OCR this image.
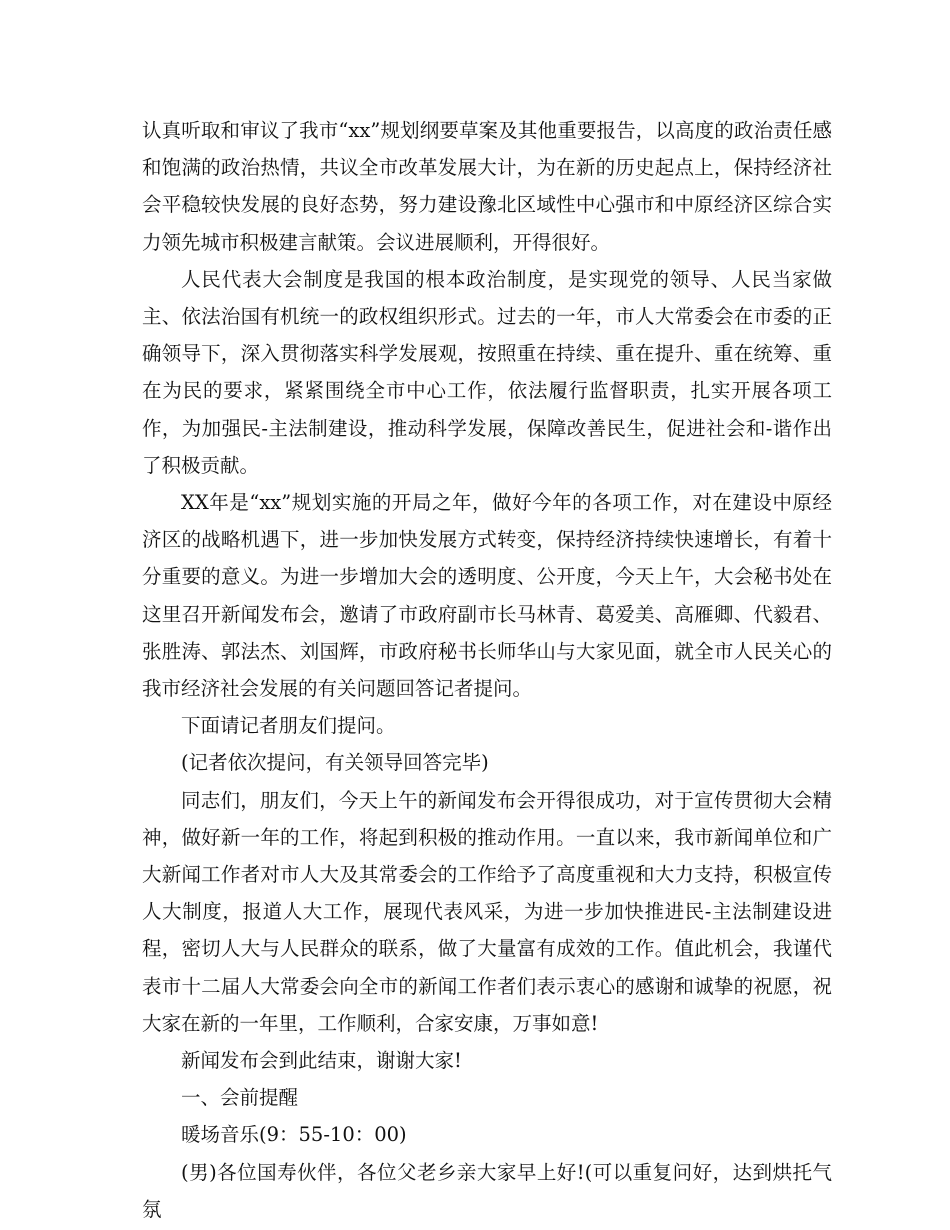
认真听取和审议了我市“xx”规划纲要草案及其他重要报告，以高度的政治责任感和饱满的政治热情，共议全市改革发展大计，为在新的历史起点上，保持经济社会平稳较快发展的良好态势，努力建设豫北区域性中心强市和中原经济区综合实力领先城市积极建言献策。会议进展顺利，开得很好。

人民代表大会制度是我国的根本政治制度，是实现党的领导、人民当家做主、依法治国有机统一的政权组织形式。过去的一年，市人大常委会在市委的正确领导下，深入贯彻落实科学发展观，按照重在持续、重在提升、重在统筹、重在为民的要求，紧紧围绕全市中心工作，依法履行监督职责，扎实开展各项工作，为加强民-主法制建设，推动科学发展，保障改善民生，促进社会和-谐作出了积极贡献。

XX年是“xx”规划实施的开局之年，做好今年的各项工作，对在建设中原经济区的战略机遇下，进一步加快发展方式转变，保持经济持续快速增长，有着十分重要的意义。为进一步增加大会的透明度、公开度，今天上午，大会秘书处在这里召开新闻发布会，邀请了市政府副市长马林青、葛爱美、高雁卿、代毅君、张胜涛、郭法杰、刘国辉，市政府秘书长师华山与大家见面，就全市人民关心的我市经济社会发展的有关问题回答记者提问。

下面请记者朋友们提问。

(记者依次提问，有关领导回答完毕)

同志们，朋友们，今天上午的新闻发布会开得很成功，对于宣传贯彻大会精神，做好新一年的工作，将起到积极的推动作用。一直以来，我市新闻单位和广大新闻工作者对市人大及其常委会的工作给予了高度重视和大力支持，积极宣传人大制度，报道人大工作，展现代表风采，为进一步加快推进民-主法制建设进程，密切人大与人民群众的联系，做了大量富有成效的工作。值此机会，我谨代表市十二届人大常委会向全市的新闻工作者们表示衷心的感谢和诚挚的祝愿，祝大家在新的一年里，工作顺利，合家安康，万事如意!

新闻发布会到此结束，谢谢大家!

一、会前提醒

暖场音乐(9：55-10：00)

(男)各位国寿伙伴，各位父老乡亲大家早上好!(可以重复问好，达到烘托气氛
